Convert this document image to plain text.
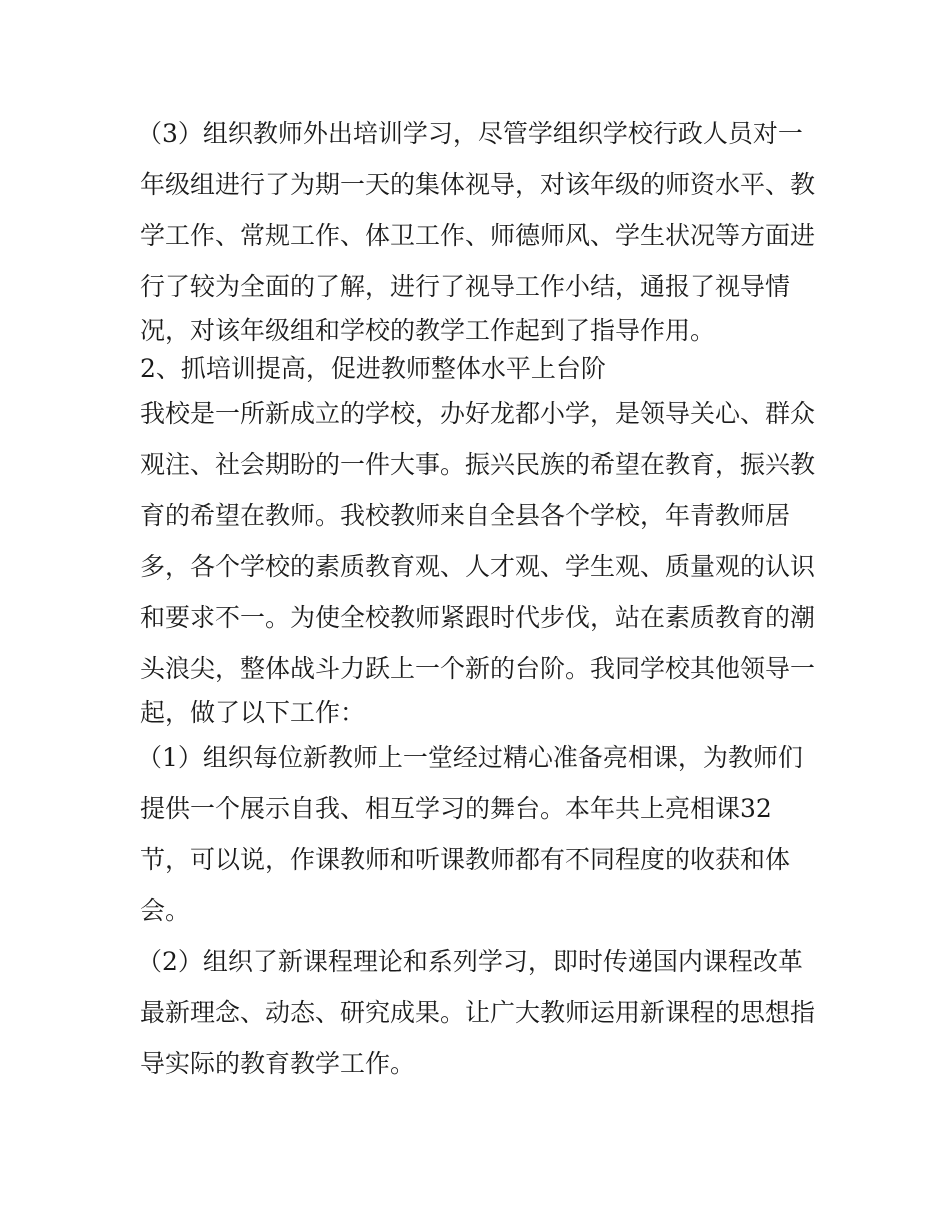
（3）组织教师外出培训学习，尽管学组织学校行政人员对一
年级组进行了为期一天的集体视导，对该年级的师资水平、教
学工作、常规工作、体卫工作、师德师风、学生状况等方面进
行了较为全面的了解，进行了视导工作小结，通报了视导情
况，对该年级组和学校的教学工作起到了指导作用。
2、抓培训提高，促进教师整体水平上台阶
我校是一所新成立的学校，办好龙都小学，是领导关心、群众
观注、社会期盼的一件大事。振兴民族的希望在教育，振兴教
育的希望在教师。我校教师来自全县各个学校，年青教师居
多，各个学校的素质教育观、人才观、学生观、质量观的认识
和要求不一。为使全校教师紧跟时代步伐，站在素质教育的潮
头浪尖，整体战斗力跃上一个新的台阶。我同学校其他领导一
起，做了以下工作：
（1）组织每位新教师上一堂经过精心准备亮相课，为教师们
提供一个展示自我、相互学习的舞台。本年共上亮相课32
节，可以说，作课教师和听课教师都有不同程度的收获和体
会。
（2）组织了新课程理论和系列学习，即时传递国内课程改革
最新理念、动态、研究成果。让广大教师运用新课程的思想指
导实际的教育教学工作。
